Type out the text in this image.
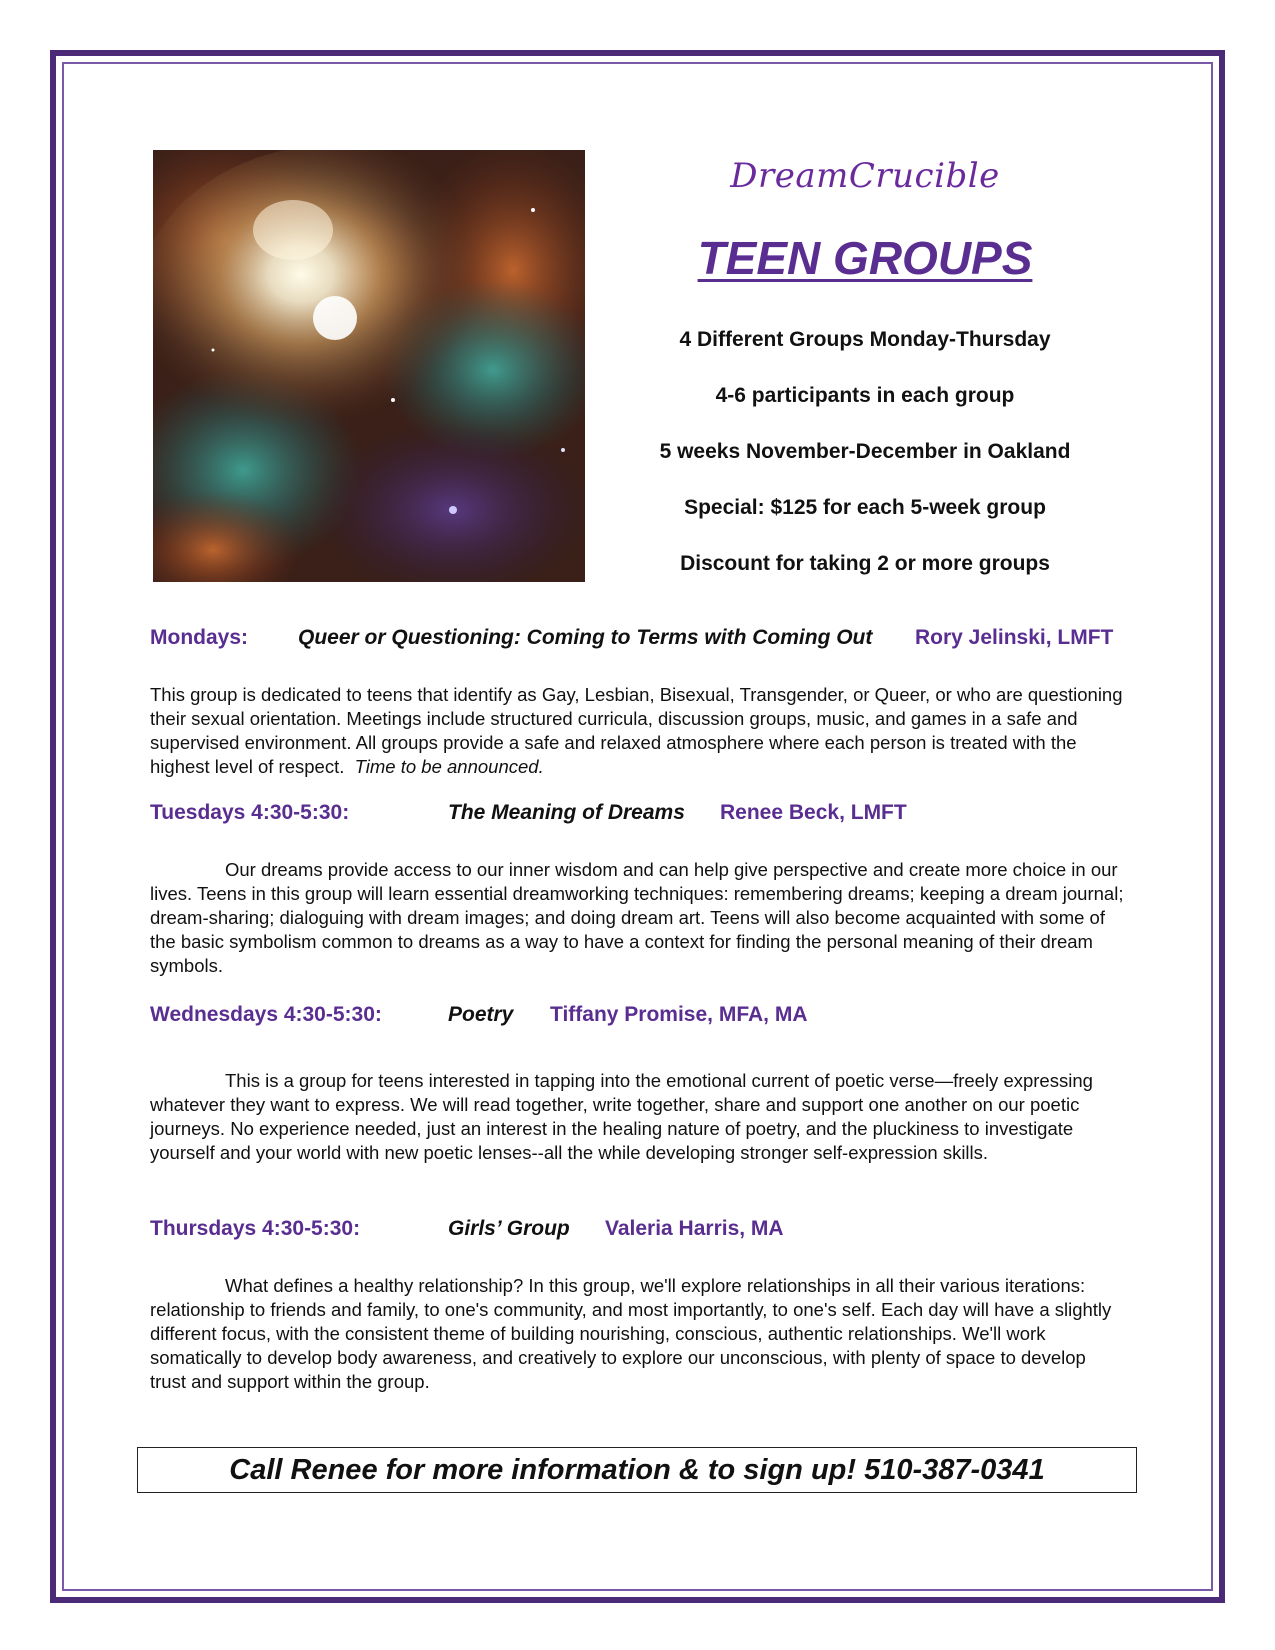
DreamCrucible
TEEN GROUPS
4 Different Groups Monday-Thursday
4-6 participants in each group
5 weeks November-December in Oakland
Special: $125 for each 5-week group
Discount for taking 2 or more groups
Mondays: Queer or Questioning: Coming to Terms with Coming Out Rory Jelinski, LMFT
This group is dedicated to teens that identify as Gay, Lesbian, Bisexual, Transgender, or Queer, or who are questioning their sexual orientation. Meetings include structured curricula, discussion groups, music, and games in a safe and supervised environment. All groups provide a safe and relaxed atmosphere where each person is treated with the highest level of respect. Time to be announced.
Tuesdays 4:30-5:30:	The Meaning of Dreams Renee Beck, LMFT
Our dreams provide access to our inner wisdom and can help give perspective and create more choice in our lives. Teens in this group will learn essential dreamworking techniques: remembering dreams; keeping a dream journal; dream-sharing; dialoguing with dream images; and doing dream art. Teens will also become acquainted with some of the basic symbolism common to dreams as a way to have a context for finding the personal meaning of their dream symbols.
Wednesdays 4:30-5:30:	Poetry Tiffany Promise, MFA, MA
This is a group for teens interested in tapping into the emotional current of poetic verse—freely expressing whatever they want to express. We will read together, write together, share and support one another on our poetic journeys. No experience needed, just an interest in the healing nature of poetry, and the pluckiness to investigate yourself and your world with new poetic lenses--all the while developing stronger self-expression skills.
Thursdays 4:30-5:30:	Girls’ Group Valeria Harris, MA
What defines a healthy relationship? In this group, we'll explore relationships in all their various iterations: relationship to friends and family, to one's community, and most importantly, to one's self. Each day will have a slightly different focus, with the consistent theme of building nourishing, conscious, authentic relationships. We'll work somatically to develop body awareness, and creatively to explore our unconscious, with plenty of space to develop trust and support within the group.
Call Renee for more information & to sign up! 510-387-0341
